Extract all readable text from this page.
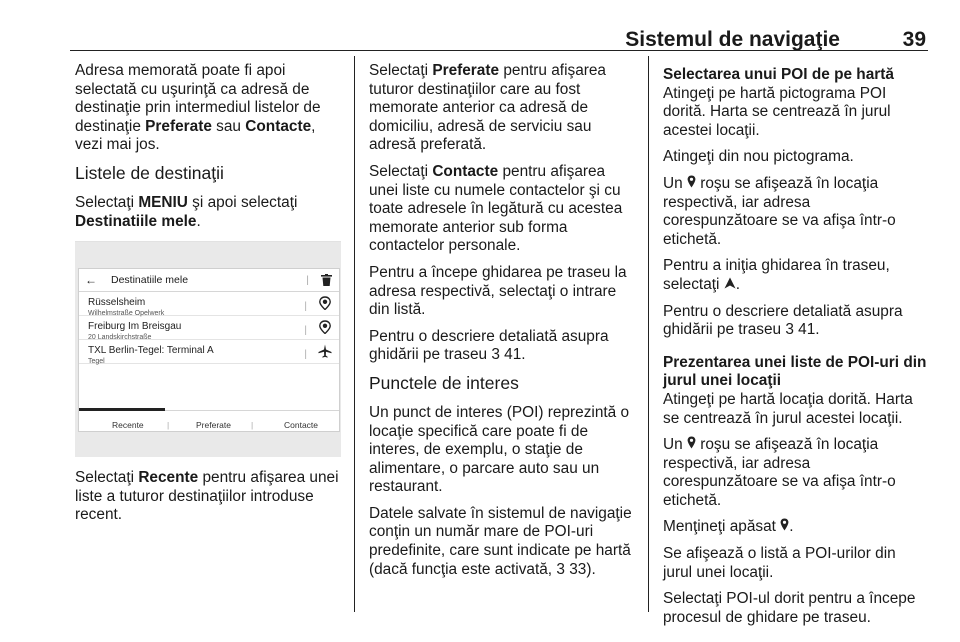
Sistemul de navigaţie	39

Adresa memorată poate fi apoi selectată cu uşurinţă ca adresă de destinaţie prin intermediul listelor de destinaţie Preferate sau Contacte, vezi mai jos.

Listele de destinaţii

Selectaţi MENIU şi apoi selectaţi Destinatiile mele.

← Destinatiile mele	|
Rüsselsheim
Wilhelmstraße Opelwerk
|
Freiburg Im Breisgau
20 Landskirchstraße
|
TXL Berlin-Tegel: Terminal A
Tegel
|
Recente	|	Preferate |	Contacte

Selectaţi Recente pentru afişarea unei liste a tuturor destinaţiilor introduse recent.

Selectaţi Preferate pentru afişarea tuturor destinaţiilor care au fost memorate anterior ca adresă de domiciliu, adresă de serviciu sau adresă preferată.

Selectaţi Contacte pentru afişarea unei liste cu numele contactelor şi cu toate adresele în legătură cu acestea memorate anterior sub forma contactelor personale.

Pentru a începe ghidarea pe traseu la adresa respectivă, selectaţi o intrare din listă.

Pentru o descriere detaliată asupra ghidării pe traseu 3 41.

Punctele de interes

Un punct de interes (POI) reprezintă o locaţie specifică care poate fi de interes, de exemplu, o staţie de alimentare, o parcare auto sau un restaurant.

Datele salvate în sistemul de navigaţie conţin un număr mare de POI-uri predefinite, care sunt indicate pe hartă (dacă funcţia este activată, 3 33).

Selectarea unui POI de pe hartă

Atingeţi pe hartă pictograma POI dorită. Harta se centrează în jurul acestei locaţii.

Atingeţi din nou pictograma.

Un  roşu se afişează în locaţia respectivă, iar adresa corespunzătoare se va afişa într-o etichetă.

Pentru a iniţia ghidarea în traseu, selectaţi .

Pentru o descriere detaliată asupra ghidării pe traseu 3 41.

Prezentarea unei liste de POI-uri din jurul unei locaţii

Atingeţi pe hartă locaţia dorită. Harta se centrează în jurul acestei locaţii.

Un  roşu se afişează în locaţia respectivă, iar adresa corespunzătoare se va afişa într-o etichetă.

Menţineţi apăsat .

Se afişează o listă a POI-urilor din jurul unei locaţii.

Selectaţi POI-ul dorit pentru a începe procesul de ghidare pe traseu.
